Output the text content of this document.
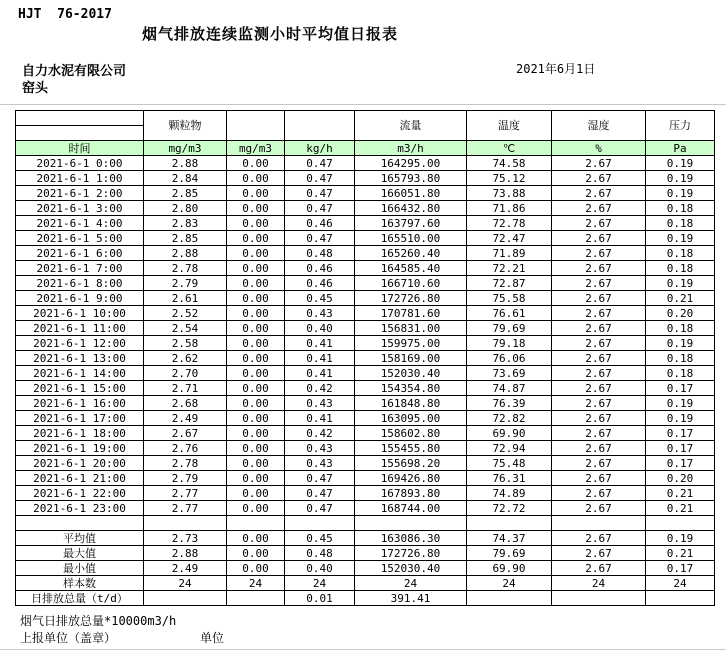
HJT  76-2017
烟气排放连续监测小时平均值日报表
自力水泥有限公司
窑头
2021年6月1日
	颗粒物			流量	温度	湿度	压力

时间	mg/m3	mg/m3	kg/h	m3/h	℃	%	Pa
2021-6-1 0:00	2.88	0.00	0.47	164295.00	74.58	2.67	0.19
2021-6-1 1:00	2.84	0.00	0.47	165793.80	75.12	2.67	0.19
2021-6-1 2:00	2.85	0.00	0.47	166051.80	73.88	2.67	0.19
2021-6-1 3:00	2.80	0.00	0.47	166432.80	71.86	2.67	0.18
2021-6-1 4:00	2.83	0.00	0.46	163797.60	72.78	2.67	0.18
2021-6-1 5:00	2.85	0.00	0.47	165510.00	72.47	2.67	0.19
2021-6-1 6:00	2.88	0.00	0.48	165260.40	71.89	2.67	0.18
2021-6-1 7:00	2.78	0.00	0.46	164585.40	72.21	2.67	0.18
2021-6-1 8:00	2.79	0.00	0.46	166710.60	72.87	2.67	0.19
2021-6-1 9:00	2.61	0.00	0.45	172726.80	75.58	2.67	0.21
2021-6-1 10:00	2.52	0.00	0.43	170781.60	76.61	2.67	0.20
2021-6-1 11:00	2.54	0.00	0.40	156831.00	79.69	2.67	0.18
2021-6-1 12:00	2.58	0.00	0.41	159975.00	79.18	2.67	0.19
2021-6-1 13:00	2.62	0.00	0.41	158169.00	76.06	2.67	0.18
2021-6-1 14:00	2.70	0.00	0.41	152030.40	73.69	2.67	0.18
2021-6-1 15:00	2.71	0.00	0.42	154354.80	74.87	2.67	0.17
2021-6-1 16:00	2.68	0.00	0.43	161848.80	76.39	2.67	0.19
2021-6-1 17:00	2.49	0.00	0.41	163095.00	72.82	2.67	0.19
2021-6-1 18:00	2.67	0.00	0.42	158602.80	69.90	2.67	0.17
2021-6-1 19:00	2.76	0.00	0.43	155455.80	72.94	2.67	0.17
2021-6-1 20:00	2.78	0.00	0.43	155698.20	75.48	2.67	0.17
2021-6-1 21:00	2.79	0.00	0.47	169426.80	76.31	2.67	0.20
2021-6-1 22:00	2.77	0.00	0.47	167893.80	74.89	2.67	0.21
2021-6-1 23:00	2.77	0.00	0.47	168744.00	72.72	2.67	0.21

平均值	2.73	0.00	0.45	163086.30	74.37	2.67	0.19
最大值	2.88	0.00	0.48	172726.80	79.69	2.67	0.21
最小值	2.49	0.00	0.40	152030.40	69.90	2.67	0.17
样本数	24	24	24	24	24	24	24
日排放总量（t/d）			0.01	391.41			
烟气日排放总量*10000m3/h
上报单位（盖章）	单位
